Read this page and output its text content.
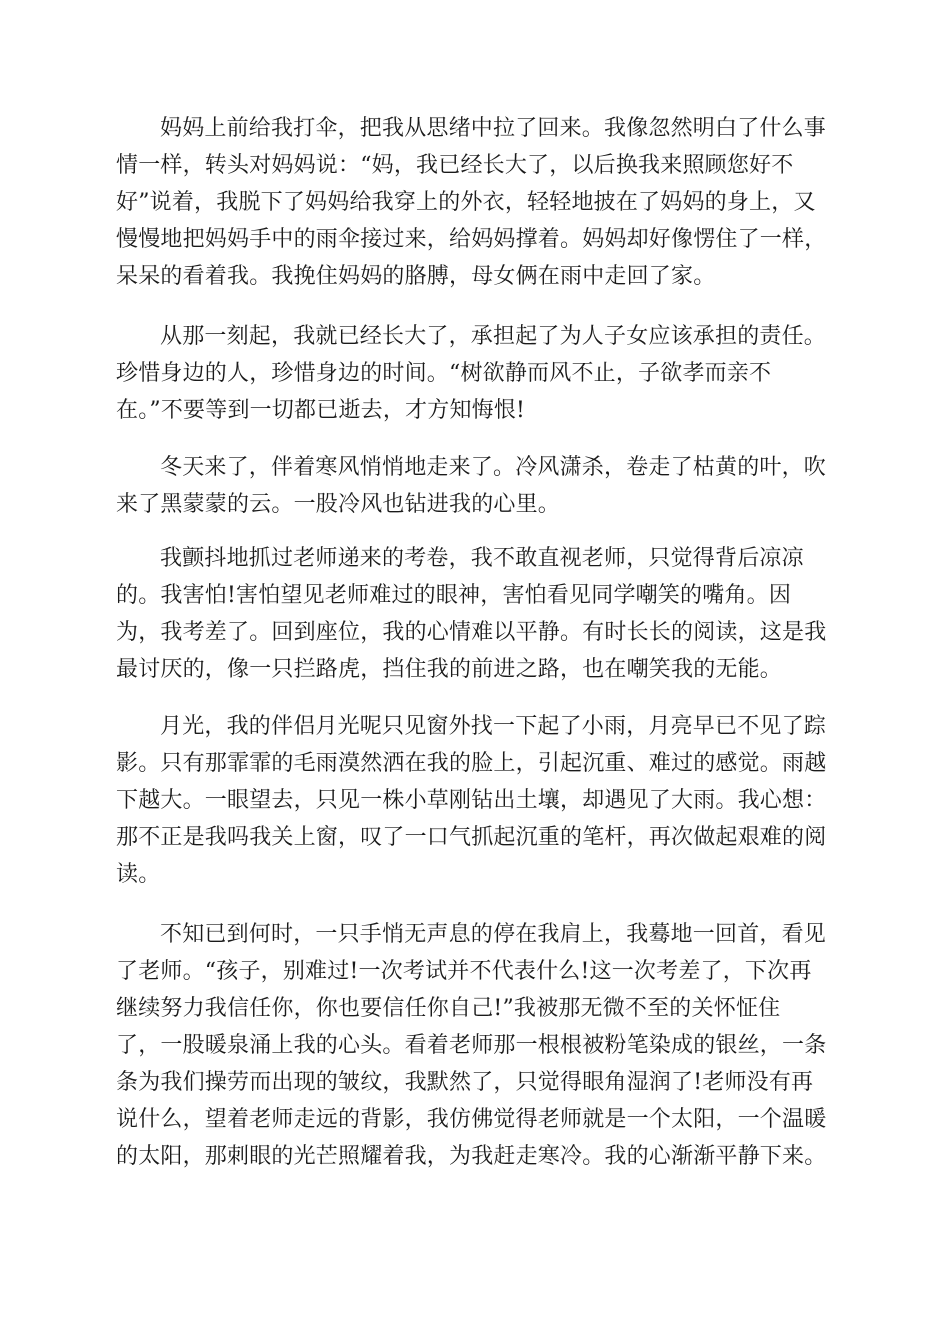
妈妈上前给我打伞，把我从思绪中拉了回来。我像忽然明白了什么事
情一样，转头对妈妈说：“妈，我已经长大了，以后换我来照顾您好不
好”说着，我脱下了妈妈给我穿上的外衣，轻轻地披在了妈妈的身上，又
慢慢地把妈妈手中的雨伞接过来，给妈妈撑着。妈妈却好像愣住了一样，
呆呆的看着我。我挽住妈妈的胳膊，母女俩在雨中走回了家。
从那一刻起，我就已经长大了，承担起了为人子女应该承担的责任。
珍惜身边的人，珍惜身边的时间。“树欲静而风不止，子欲孝而亲不
在。”不要等到一切都已逝去，才方知悔恨!
冬天来了，伴着寒风悄悄地走来了。冷风潇杀，卷走了枯黄的叶，吹
来了黑蒙蒙的云。一股冷风也钻进我的心里。
我颤抖地抓过老师递来的考卷，我不敢直视老师，只觉得背后凉凉
的。我害怕!害怕望见老师难过的眼神，害怕看见同学嘲笑的嘴角。因
为，我考差了。回到座位，我的心情难以平静。有时长长的阅读，这是我
最讨厌的，像一只拦路虎，挡住我的前进之路，也在嘲笑我的无能。
月光，我的伴侣月光呢只见窗外找一下起了小雨，月亮早已不见了踪
影。只有那霏霏的毛雨漠然洒在我的脸上，引起沉重、难过的感觉。雨越
下越大。一眼望去，只见一株小草刚钻出土壤，却遇见了大雨。我心想：
那不正是我吗我关上窗，叹了一口气抓起沉重的笔杆，再次做起艰难的阅
读。
不知已到何时，一只手悄无声息的停在我肩上，我蓦地一回首，看见
了老师。“孩子，别难过!一次考试并不代表什么!这一次考差了，下次再
继续努力我信任你，你也要信任你自己!”我被那无微不至的关怀怔住
了，一股暖泉涌上我的心头。看着老师那一根根被粉笔染成的银丝，一条
条为我们操劳而出现的皱纹，我默然了，只觉得眼角湿润了!老师没有再
说什么，望着老师走远的背影，我仿佛觉得老师就是一个太阳，一个温暖
的太阳，那刺眼的光芒照耀着我，为我赶走寒冷。我的心渐渐平静下来。
